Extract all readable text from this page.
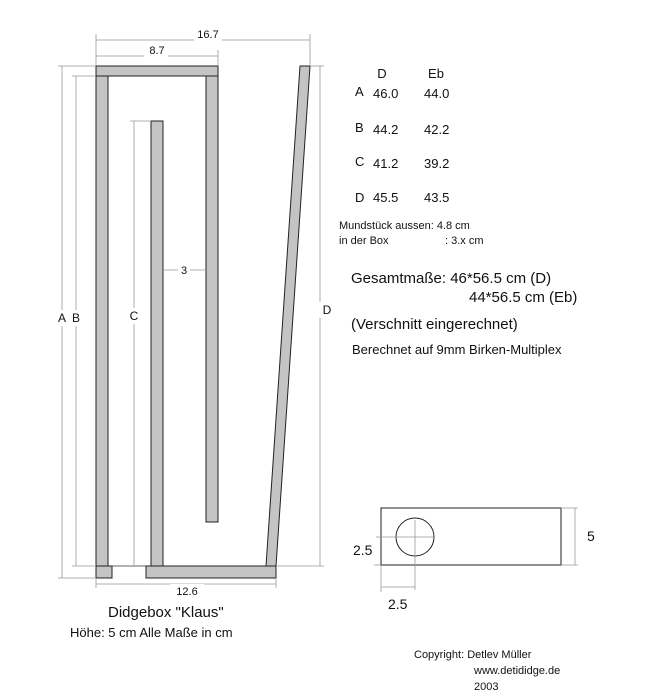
16.7
8.7
A B	C	D
3
12.6
D	Eb
A 46.0 44.0
B 44.2 42.2
C 41.2 39.2
D 45.5 43.5
Mundstück aussen: 4.8 cm
in der Box	: 3.x cm
Gesamtmaße: 46*56.5 cm (D)
44*56.5 cm (Eb)
(Verschnitt eingerechnet)
Berechnet auf 9mm Birken-Multiplex
5
2.5
2.5
Didgebox "Klaus"
Höhe: 5 cm Alle Maße in cm
Copyright: Detlev Müller
www.detididge.de
2003
